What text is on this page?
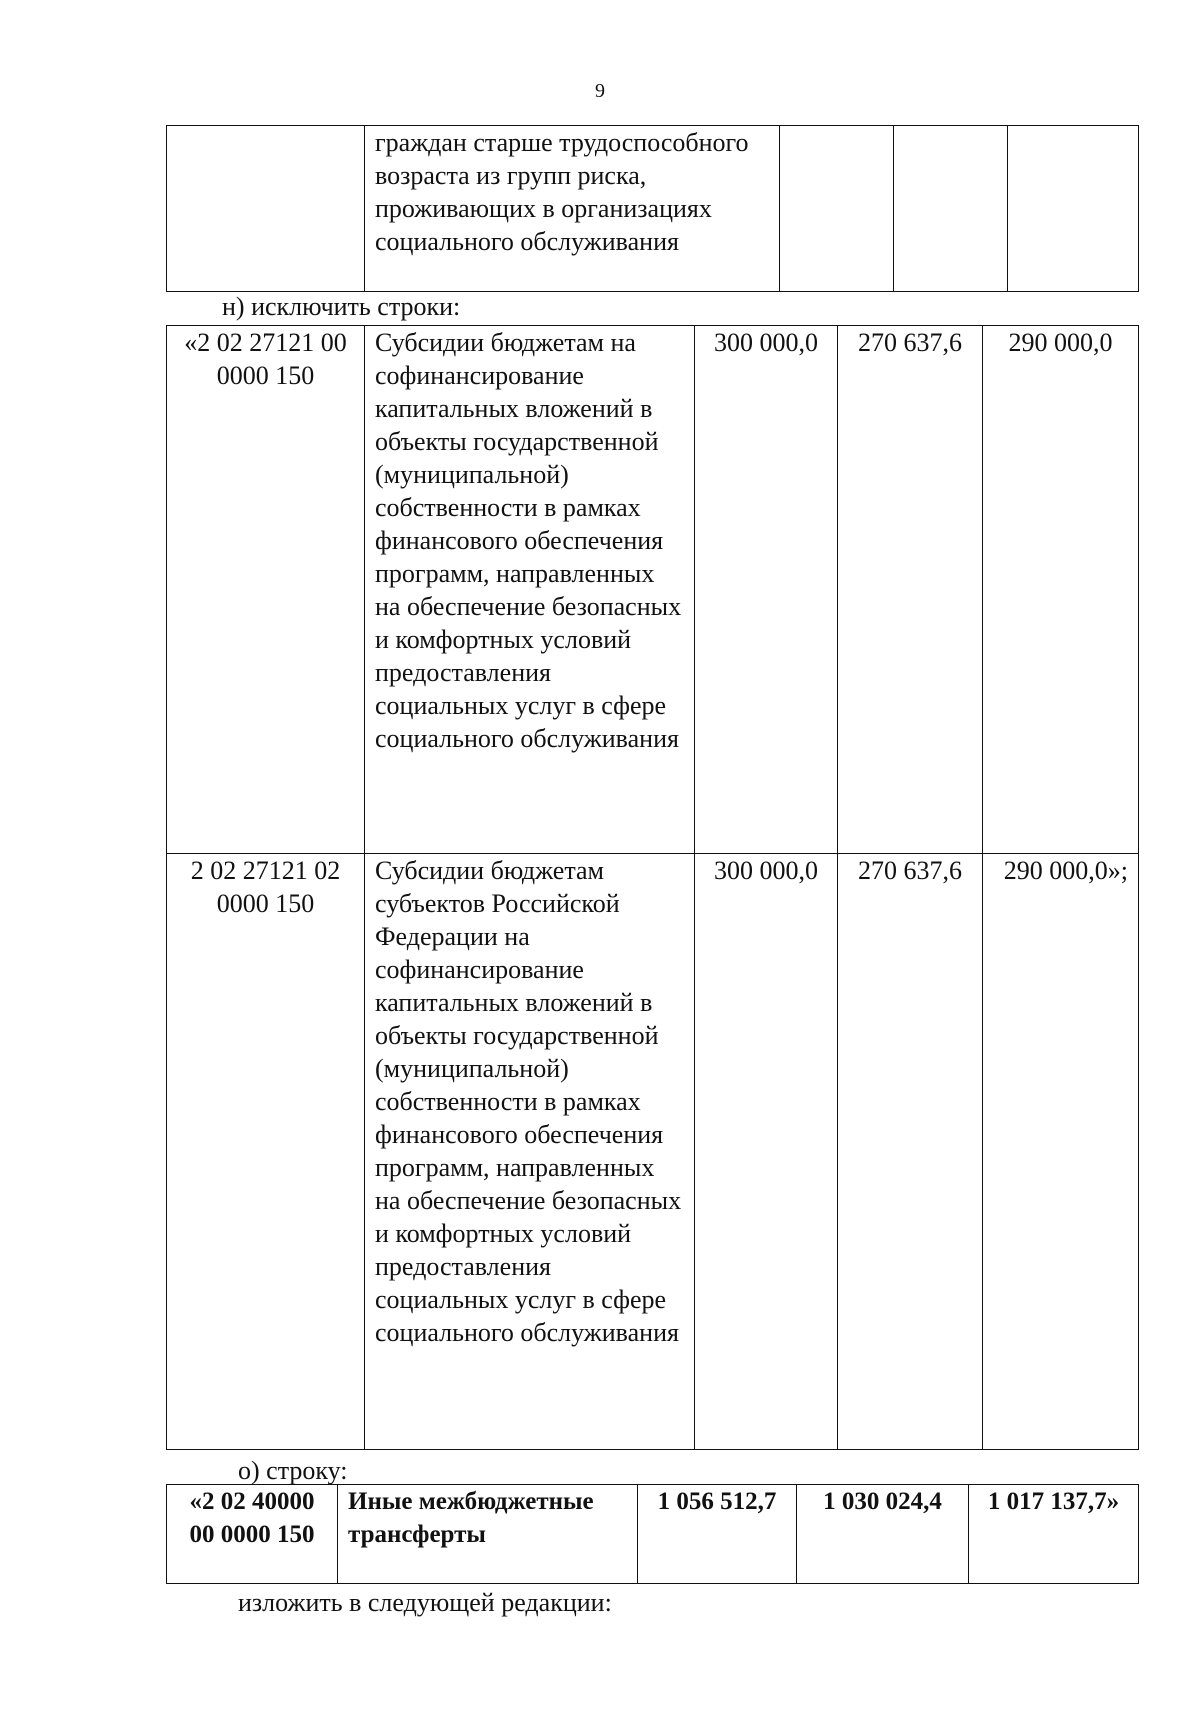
9
	граждан старше трудоспособного возраста из групп риска, проживающих в организациях социального обслуживания			
н) исключить строки:
«2 02 27121 00 0000 150	Субсидии бюджетам на софинансирование капитальных вложений в объекты государственной (муниципальной) собственности в рамках финансового обеспечения программ, направленных на обеспечение безопасных и комфортных условий предоставления социальных услуг в сфере социального обслуживания	300 000,0	270 637,6	290 000,0
2 02 27121 02 0000 150	Субсидии бюджетам субъектов Российской Федерации на софинансирование капитальных вложений в объекты государственной (муниципальной) собственности в рамках финансового обеспечения программ, направленных на обеспечение безопасных и комфортных условий предоставления социальных услуг в сфере социального обслуживания	300 000,0	270 637,6	290 000,0»;
о) строку:
«2 02 40000 00 0000 150	Иные межбюджетные трансферты	1 056 512,7	1 030 024,4	1 017 137,7»
изложить в следующей редакции:
